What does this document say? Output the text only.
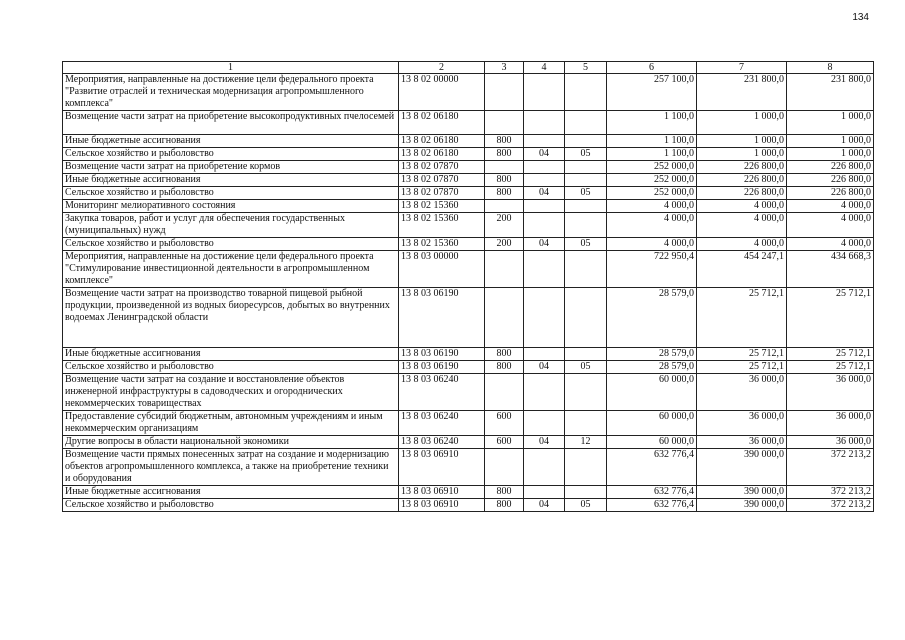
134
1	2	3	4	5	6	7	8
Мероприятия, направленные на достижение цели федерального проекта "Развитие отраслей и техническая модернизация агропромышленного комплекса"	13 8 02 00000				257 100,0	231 800,0	231 800,0
Возмещение части затрат на приобретение высокопродуктивных пчелосемей	13 8 02 06180				1 100,0	1 000,0	1 000,0
Иные бюджетные ассигнования	13 8 02 06180	800			1 100,0	1 000,0	1 000,0
Сельское хозяйство и рыболовство	13 8 02 06180	800	04	05	1 100,0	1 000,0	1 000,0
Возмещение части затрат на приобретение кормов	13 8 02 07870				252 000,0	226 800,0	226 800,0
Иные бюджетные ассигнования	13 8 02 07870	800			252 000,0	226 800,0	226 800,0
Сельское хозяйство и рыболовство	13 8 02 07870	800	04	05	252 000,0	226 800,0	226 800,0
Мониторинг мелиоративного состояния	13 8 02 15360				4 000,0	4 000,0	4 000,0
Закупка товаров, работ и услуг для обеспечения государственных (муниципальных) нужд	13 8 02 15360	200			4 000,0	4 000,0	4 000,0
Сельское хозяйство и рыболовство	13 8 02 15360	200	04	05	4 000,0	4 000,0	4 000,0
Мероприятия, направленные на достижение цели федерального проекта "Стимулирование инвестиционной деятельности в агропромышленном комплексе"	13 8 03 00000				722 950,4	454 247,1	434 668,3
Возмещение части затрат на производство товарной пищевой рыбной продукции, произведенной из водных биоресурсов, добытых во внутренних водоемах Ленинградской области	13 8 03 06190				28 579,0	25 712,1	25 712,1
Иные бюджетные ассигнования	13 8 03 06190	800			28 579,0	25 712,1	25 712,1
Сельское хозяйство и рыболовство	13 8 03 06190	800	04	05	28 579,0	25 712,1	25 712,1
Возмещение части затрат на создание и восстановление объектов инженерной инфраструктуры в садоводческих и огороднических некоммерческих товариществах	13 8 03 06240				60 000,0	36 000,0	36 000,0
Предоставление субсидий бюджетным, автономным учреждениям и иным некоммерческим организациям	13 8 03 06240	600			60 000,0	36 000,0	36 000,0
Другие вопросы в области национальной экономики	13 8 03 06240	600	04	12	60 000,0	36 000,0	36 000,0
Возмещение части прямых понесенных затрат на создание и модернизацию объектов агропромышленного комплекса, а также на приобретение техники и оборудования	13 8 03 06910				632 776,4	390 000,0	372 213,2
Иные бюджетные ассигнования	13 8 03 06910	800			632 776,4	390 000,0	372 213,2
Сельское хозяйство и рыболовство	13 8 03 06910	800	04	05	632 776,4	390 000,0	372 213,2
